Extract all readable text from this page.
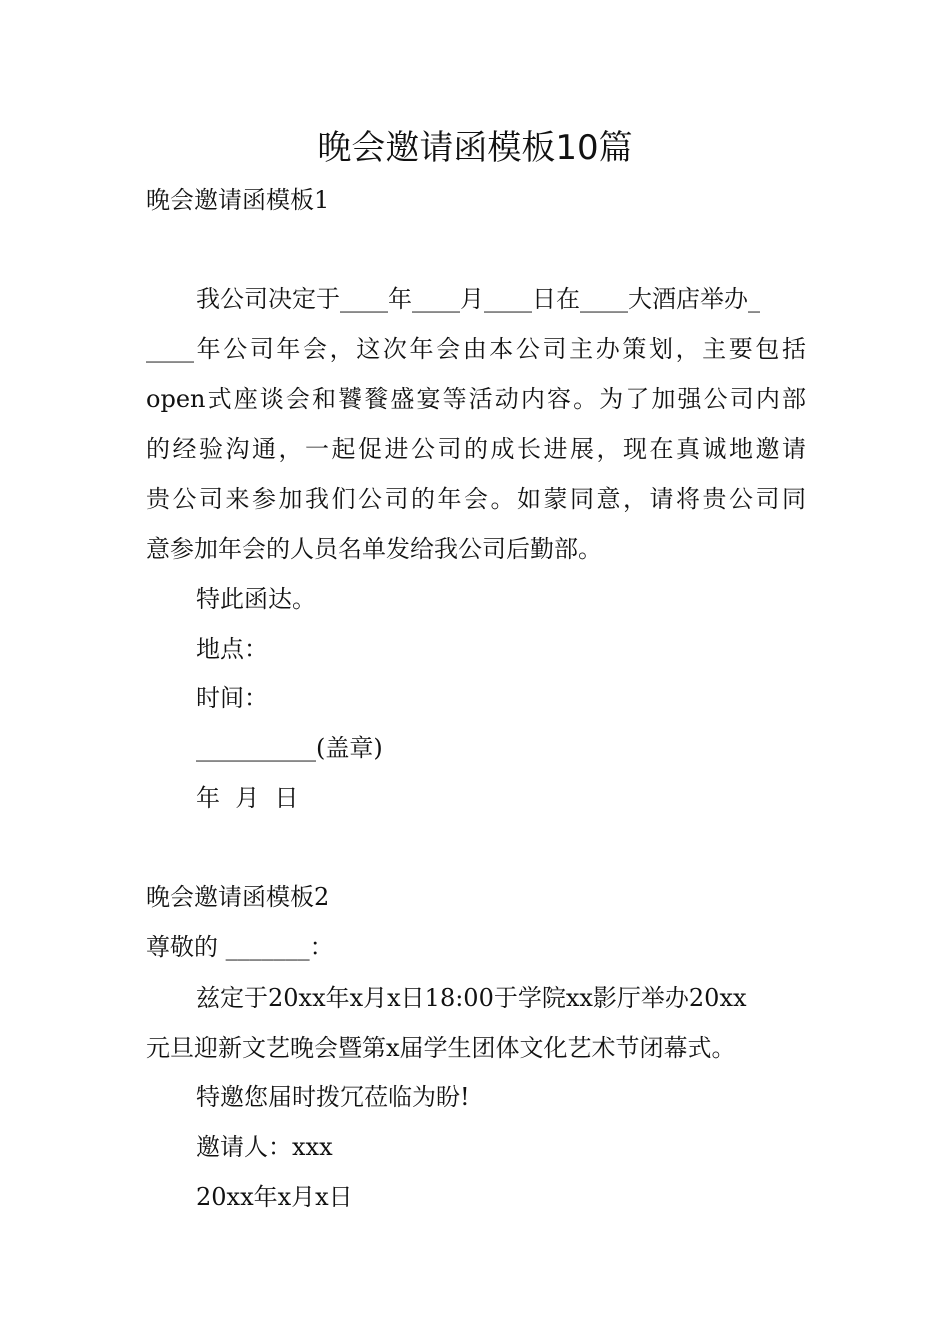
晚会邀请函模板10篇
晚会邀请函模板1
我公司决定于____年____月____日在____大酒店举办_
____年公司年会，这次年会由本公司主办策划，主要包括
open式座谈会和饕餮盛宴等活动内容。为了加强公司内部
的经验沟通，一起促进公司的成长进展，现在真诚地邀请
贵公司来参加我们公司的年会。如蒙同意，请将贵公司同
意参加年会的人员名单发给我公司后勤部。
特此函达。
地点：
时间：
__________(盖章)
年  月  日
晚会邀请函模板2
尊敬的 _______：
兹定于20xx年x月x日18:00于学院xx影厅举办20xx
元旦迎新文艺晚会暨第x届学生团体文化艺术节闭幕式。
特邀您届时拨冗莅临为盼!
邀请人：xxx
20xx年x月x日
